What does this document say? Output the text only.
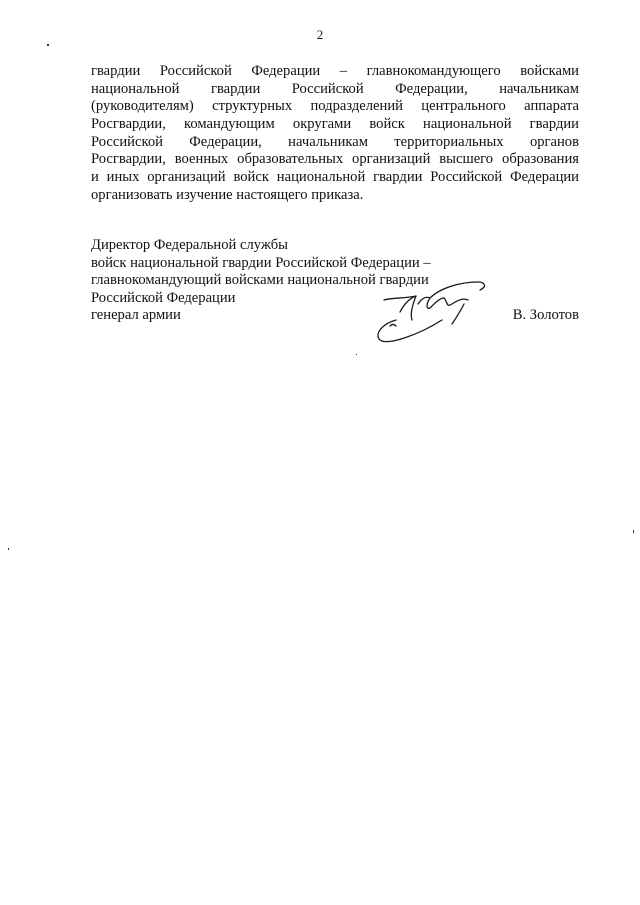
2
гвардии Российской Федерации – главнокомандующего войсками
национальной гвардии Российской Федерации, начальникам
(руководителям) структурных подразделений центрального аппарата
Росгвардии, командующим округами войск национальной гвардии
Российской Федерации, начальникам территориальных органов
Росгвардии, военных образовательных организаций высшего образования
и иных организаций войск национальной гвардии Российской Федерации
организовать изучение настоящего приказа.
Директор Федеральной службы
войск национальной гвардии Российской Федерации –
главнокомандующий войсками национальной гвардии
Российской Федерации
генерал армии	В. Золотов
